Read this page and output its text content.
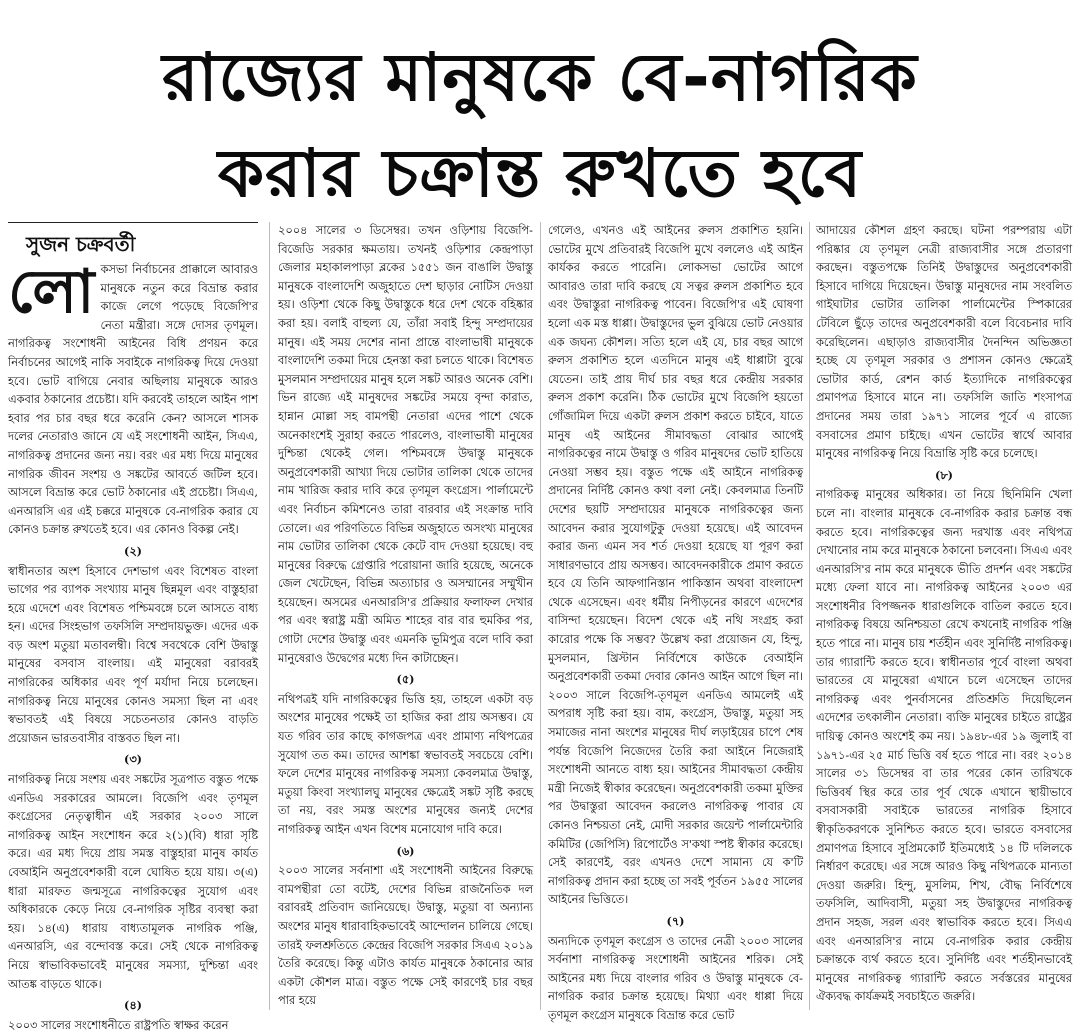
রাজ্যের মানুষকে বে-নাগরিক
করার চক্রান্ত রুখতে হবে
সুজন চক্রবর্তী
লো কসভা নির্বাচনের প্রাক্কালে আবারও মানুষকে নতুন করে বিভ্রান্ত করার কাজে লেগে পড়েছে বিজেপি'র নেতা মন্ত্রীরা। সঙ্গে দোসর তৃণমূল। নাগরিকত্ব সংশোধনী আইনের বিধি প্রণয়ন করে নির্বাচনের আগেই নাকি সবাইকে নাগরিকত্ব দিয়ে দেওয়া হবে। ভোট বাগিয়ে নেবার অছিলায় মানুষকে আরও একবার ঠকানোর প্রচেষ্টা। যদি করবেই তাহলে আইন পাশ হবার পর চার বছর ধরে করেনি কেন? আসলে শাসক দলের নেতারাও জানে যে এই সংশোধনী আইন, সিএএ, নাগরিকত্ব প্রদানের জন্য নয়। বরং এর মধ্য দিয়ে মানুষের নাগরিক জীবন সংশয় ও সঙ্কটের আবর্তে জটিল হবে। আসলে বিভ্রান্ত করে ভোট ঠকানোর এই প্রচেষ্টা। সিএএ, এনআরসি এর এই চক্করে মানুষকে বে-নাগরিক করার যে কোনও চক্রান্ত রুখতেই হবে। এর কোনও বিকল্প নেই।

(২)

স্বাধীনতার অংশ হিসাবে দেশভাগ এবং বিশেষত বাংলা ভাগের পর ব্যাপক সংখ্যায় মানুষ ছিন্নমূল এবং বাস্তুহারা হয়ে এদেশে এবং বিশেষত পশ্চিমবঙ্গে চলে আসতে বাধ্য হন। এদের সিংহভাগ তফসিলি সম্প্রদায়ভুক্ত। এদের এক বড় অংশ মতুয়া মতাবলম্বী। বিশ্বে সবথেকে বেশি উদ্বাস্তু মানুষের বসবাস বাংলায়। এই মানুষেরা বরাবরই নাগরিকের অধিকার এবং পূর্ণ মর্যাদা নিয়ে চলেছেন। নাগরিকত্ব নিয়ে মানুষের কোনও সমস্যা ছিল না এবং স্বভাবতই এই বিষয়ে সচেতনতার কোনও বাড়তি প্রয়োজন ভারতবাসীর বাস্তবত ছিল না।

(৩)

নাগরিকত্ব নিয়ে সংশয় এবং সঙ্কটের সূত্রপাত বস্তুত পক্ষে এনডিএ সরকারের আমলে। বিজেপি এবং তৃণমূল কংগ্রেসের নেতৃত্বাধীন এই সরকার ২০০৩ সালে নাগরিকত্ব আইন সংশোধন করে ২(১)(বি) ধারা সৃষ্টি করে। এর মধ্য দিয়ে প্রায় সমস্ত বাস্তুহারা মানুষ কার্যত বেআইনি অনুপ্রবেশকারী বলে ঘোষিত হয়ে যায়। ৩(এ) ধারা মারফত জন্মসূত্রে নাগরিকত্বের সুযোগ এবং অধিকারকে কেড়ে নিয়ে বে-নাগরিক সৃষ্টির ব্যবস্থা করা হয়। ১৪(এ) ধারায় বাধ্যতামূলক নাগরিক পঞ্জি, এনআরসি, এর বন্দোবস্ত করে। সেই থেকে নাগরিকত্ব নিয়ে স্বাভাবিকভাবেই মানুষের সমস্যা, দুশ্চিন্তা এবং আতঙ্ক বাড়তে থাকে।

(৪)

২০০৩ সালের সংশোধনীতে রাষ্ট্রপতি স্বাক্ষর করেন

২০০৪ সালের ৩ ডিসেম্বর। তখন ওড়িশায় বিজেপি-বিজেডি সরকার ক্ষমতায়। তখনই ওড়িশার কেন্দ্রপাড়া জেলার মহাকালপাড়া ব্লকের ১৫৫১ জন বাঙালি উদ্বাস্তু মানুষকে বাংলাদেশি অজুহাতে দেশ ছাড়ার নোটিস দেওয়া হয়। ওড়িশা থেকে কিছু উদ্বাস্তুকে ধরে দেশ থেকে বহিষ্কার করা হয়। বলাই বাহুল্য যে, তাঁরা সবাই হিন্দু সম্প্রদায়ের মানুষ। এই সময় দেশের নানা প্রান্তে বাংলাভাষী মানুষকে বাংলাদেশি তকমা দিয়ে হেনস্তা করা চলতে থাকে। বিশেষত মুসলমান সম্প্রদায়ের মানুষ হলে সঙ্কট আরও অনেক বেশি। ভিন রাজ্যে এই মানুষদের সঙ্কটের সময়ে বৃন্দা কারাত, হান্নান মোল্লা সহ বামপন্থী নেতারা এদের পাশে থেকে অনেকাংশেই সুরাহা করতে পারলেও, বাংলাভাষী মানুষের দুশ্চিন্তা থেকেই গেল। পশ্চিমবঙ্গে উদ্বাস্তু মানুষকে অনুপ্রবেশকারী আখ্যা দিয়ে ভোটার তালিকা থেকে তাদের নাম খারিজ করার দাবি করে তৃণমূল কংগ্রেস। পার্লামেন্টে এবং নির্বাচন কমিশনেও তারা বারবার এই সংক্রান্ত দাবি তোলে। এর পরিণতিতে বিভিন্ন অজুহাতে অসংখ্য মানুষের নাম ভোটার তালিকা থেকে কেটে বাদ দেওয়া হয়েছে। বহু মানুষের বিরুদ্ধে গ্রেপ্তারি পরোয়ানা জারি হয়েছে, অনেকে জেল খেটেছেন, বিভিন্ন অত্যাচার ও অসম্মানের সম্মুখীন হয়েছেন। অসমের এনআরসি'র প্রক্রিয়ার ফলাফল দেখার পর এবং স্বরাষ্ট্র মন্ত্রী অমিত শাহের বার বার হুমকির পর, গোটা দেশের উদ্বাস্তু এবং এমনকি ভূমিপুত্র বলে দাবি করা মানুষেরাও উদ্বেগের মধ্যে দিন কাটাচ্ছেন।

(৫)

নথিপত্রই যদি নাগরিকত্বের ভিত্তি হয়, তাহলে একটা বড় অংশের মানুষের পক্ষেই তা হাজির করা প্রায় অসম্ভব। যে যত গরিব তার কাছে কাগজপত্র এবং প্রামাণ্য নথিপত্রের সুযোগ তত কম। তাদের আশঙ্কা স্বভাবতই সবচেয়ে বেশি। ফলে দেশের মানুষের নাগরিকত্ব সমস্যা কেবলমাত্র উদ্বাস্তু, মতুয়া কিংবা সংখ্যালঘু মানুষের ক্ষেত্রেই সঙ্কট সৃষ্টি করছে তা নয়, বরং সমস্ত অংশের মানুষের জন্যই দেশের নাগরিকত্ব আইন এখন বিশেষ মনোযোগ দাবি করে।

(৬)

২০০৩ সালের সর্বনাশা এই সংশোধনী আইনের বিরুদ্ধে বামপন্থীরা তো বটেই, দেশের বিভিন্ন রাজনৈতিক দল বরাবরই প্রতিবাদ জানিয়েছে। উদ্বাস্তু, মতুয়া বা অন্যান্য অংশের মানুষ ধারাবাহিকভাবেই আন্দোলন চালিয়ে গেছে। তারই ফলশ্রুতিতে কেন্দ্রের বিজেপি সরকার সিএএ ২০১৯ তৈরি করেছে। কিন্তু এটাও কার্যত মানুষকে ঠকানোর আর একটা কৌশল মাত্র। বস্তুত পক্ষে সেই কারণেই চার বছর পার হয়ে

গেলেও, এখনও এই আইনের রুলস প্রকাশিত হয়নি। ভোটের মুখে প্রতিবারই বিজেপি মুখে বললেও এই আইন কার্যকর করতে পারেনি। লোকসভা ভোটের আগে আবারও তারা দাবি করছে যে সত্বর রুলস প্রকাশিত হবে এবং উদ্বাস্তুরা নাগরিকত্ব পাবেন। বিজেপি'র এই ঘোষণা হলো এক মস্ত ধাপ্পা। উদ্বাস্তুদের ভুল বুঝিয়ে ভোট নেওয়ার এক জঘন্য কৌশল। সত্যি হলে এই যে, চার বছর আগে রুলস প্রকাশিত হলে এতদিনে মানুষ এই ধাপ্পাটা বুঝে যেতেন। তাই প্রায় দীর্ঘ চার বছর ধরে কেন্দ্রীয় সরকার রুলস প্রকাশ করেনি। ঠিক ভোটের মুখে বিজেপি হয়তো গোঁজামিল দিয়ে একটা রুলস প্রকাশ করতে চাইবে, যাতে মানুষ এই আইনের সীমাবদ্ধতা বোঝার আগেই নাগরিকত্বের নামে উদ্বাস্তু ও গরিব মানুষদের ভোট হাতিয়ে নেওয়া সম্ভব হয়। বস্তুত পক্ষে এই আইনে নাগরিকত্ব প্রদানের নির্দিষ্ট কোনও কথা বলা নেই। কেবলমাত্র তিনটি দেশের ছয়টি সম্প্রদায়ের মানুষকে নাগরিকত্বের জন্য আবেদন করার সুযোগটুকু দেওয়া হয়েছে। এই আবেদন করার জন্য এমন সব শর্ত দেওয়া হয়েছে যা পূরণ করা সাধারণভাবে প্রায় অসম্ভব। আবেদনকারীকে প্রমাণ করতে হবে যে তিনি আফগানিস্তান পাকিস্তান অথবা বাংলাদেশ থেকে এসেছেন। এবং ধর্মীয় নিপীড়নের কারণে এদেশের বাসিন্দা হয়েছেন। বিদেশ থেকে এই নথি সংগ্রহ করা কারোর পক্ষে কি সম্ভব? উল্লেখ করা প্রয়োজন যে, হিন্দু, মুসলমান, খ্রিস্টান নির্বিশেষে কাউকে বেআইনি অনুপ্রবেশকারী তকমা দেবার কোনও আইন আগে ছিল না। ২০০৩ সালে বিজেপি-তৃণমূল এনডিএ আমলেই এই অপরাধ সৃষ্টি করা হয়। বাম, কংগ্রেস, উদ্বাস্তু, মতুয়া সহ সমাজের নানা অংশের মানুষের দীর্ঘ লড়াইয়ের চাপে শেষ পর্যন্ত বিজেপি নিজেদের তৈরি করা আইনে নিজেরাই সংশোধনী আনতে বাধ্য হয়। আইনের সীমাবদ্ধতা কেন্দ্রীয় মন্ত্রী নিজেই স্বীকার করেছেন। অনুপ্রবেশকারী তকমা মুক্তির পর উদ্বাস্তুরা আবেদন করলেও নাগরিকত্ব পাবার যে কোনও নিশ্চয়তা নেই, মোদী সরকার জয়েন্ট পার্লামেন্টারি কমিটির (জেপিসি) রিপোর্টেও স'কথা স্পষ্ট স্বীকার করেছে। সেই কারণেই, বরং এখনও দেশে সামান্য যে ক'টি নাগরিকত্ব প্রদান করা হচ্ছে তা সবই পূর্বতন ১৯৫৫ সালের আইনের ভিত্তিতে।

(৭)

অন্যদিকে তৃণমূল কংগ্রেস ও তাদের নেত্রী ২০০৩ সালের সর্বনাশা নাগরিকত্ব সংশোধনী আইনের শরিক। সেই আইনের মধ্য দিয়ে বাংলার গরিব ও উদ্বাস্তু মানুষকে বে-নাগরিক করার চক্রান্ত হয়েছে। মিথ্যা এবং ধাপ্পা দিয়ে তৃণমূল কংগ্রেস মানুষকে বিভ্রান্ত করে ভোট

আদায়ের কৌশল গ্রহণ করছে। ঘটনা পরম্পরায় এটা পরিষ্কার যে তৃণমূল নেত্রী রাজ্যবাসীর সঙ্গে প্রতারণা করছেন। বস্তুতপক্ষে তিনিই উদ্বাস্তুদের অনুপ্রবেশকারী হিসাবে দাগিয়ে দিয়েছেন। উদ্বাস্তু মানুষদের নাম সংবলিত গাইঘাটার ভোটার তালিকা পার্লামেন্টের স্পিকারের টেবিলে ছুঁড়ে তাদের অনুপ্রবেশকারী বলে বিবেচনার দাবি করেছিলেন। এছাড়াও রাজ্যবাসীর দৈনন্দিন অভিজ্ঞতা হচ্ছে যে তৃণমূল সরকার ও প্রশাসন কোনও ক্ষেত্রেই ভোটার কার্ড, রেশন কার্ড ইত্যাদিকে নাগরিকত্বের প্রমাণপত্র হিসাবে মানে না। তফসিলি জাতি শংসাপত্র প্রদানের সময় তারা ১৯৭১ সালের পূর্বে এ রাজ্যে বসবাসের প্রমাণ চাইছে। এখন ভোটের স্বার্থে আবার মানুষের নাগরিকত্ব নিয়ে বিভ্রান্তি সৃষ্টি করে চলেছে।

(৮)

নাগরিকত্ব মানুষের অধিকার। তা নিয়ে ছিনিমিনি খেলা চলে না। বাংলার মানুষকে বে-নাগরিক করার চক্রান্ত বন্ধ করতে হবে। নাগরিকত্বের জন্য দরখাস্ত এবং নথিপত্র দেখানোর নাম করে মানুষকে ঠকানো চলবেনা। সিএএ এবং এনআরসি'র নাম করে মানুষকে ভীতি প্রদর্শন এবং সঙ্কটের মধ্যে ফেলা যাবে না। নাগরিকত্ব আইনের ২০০৩ এর সংশোধনীর বিপজ্জনক ধারাগুলিকে বাতিল করতে হবে। নাগরিকত্ব বিষয়ে অনিশ্চয়তা রেখে কখনোই নাগরিক পঞ্জি হতে পারে না। মানুষ চায় শর্তহীন এবং সুনির্দিষ্ট নাগরিকত্ব। তার গ্যারান্টি করতে হবে। স্বাধীনতার পূর্বে বাংলা অথবা ভারতের যে মানুষেরা এখানে চলে এসেছেন তাদের নাগরিকত্ব এবং পুনর্বাসনের প্রতিশ্রুতি দিয়েছিলেন এদেশের তৎকালীন নেতারা। ব্যক্তি মানুষের চাইতে রাষ্ট্রের দায়িত্ব কোনও অংশেই কম নয়। ১৯৪৮-এর ১৯ জুলাই বা ১৯৭১-এর ২৫ মার্চ ভিত্তি বর্ষ হতে পারে না। বরং ২০১৪ সালের ৩১ ডিসেম্বর বা তার পরের কোন তারিখকে ভিত্তিবর্ষ স্থির করে তার পূর্ব থেকে এখানে স্থায়ীভাবে বসবাসকারী সবাইকে ভারতের নাগরিক হিসাবে স্বীকৃতিকরণকে সুনিশ্চিত করতে হবে। ভারতে বসবাসের প্রমাণপত্র হিসাবে সুপ্রিমকোর্ট ইতিমধ্যেই ১৪ টি দলিলকে নির্ধারণ করেছে। এর সঙ্গে আরও কিছু নথিপত্রকে মান্যতা দেওয়া জরুরি। হিন্দু, মুসলিম, শিখ, বৌদ্ধ নির্বিশেষে তফসিলি, আদিবাসী, মতুয়া সহ উদ্বাস্তুদের নাগরিকত্ব প্রদান সহজ, সরল এবং স্বাভাবিক করতে হবে। সিএএ এবং এনআরসি'র নামে বে-নাগরিক করার কেন্দ্রীয় চক্রান্তকে ব্যর্থ করতে হবে। সুনির্দিষ্ট এবং শর্তহীনভাবেই মানুষের নাগরিকত্ব গ্যারান্টি করতে সর্বস্তরের মানুষের ঐক্যবদ্ধ কার্যক্রমই সবচাইতে জরুরি।
